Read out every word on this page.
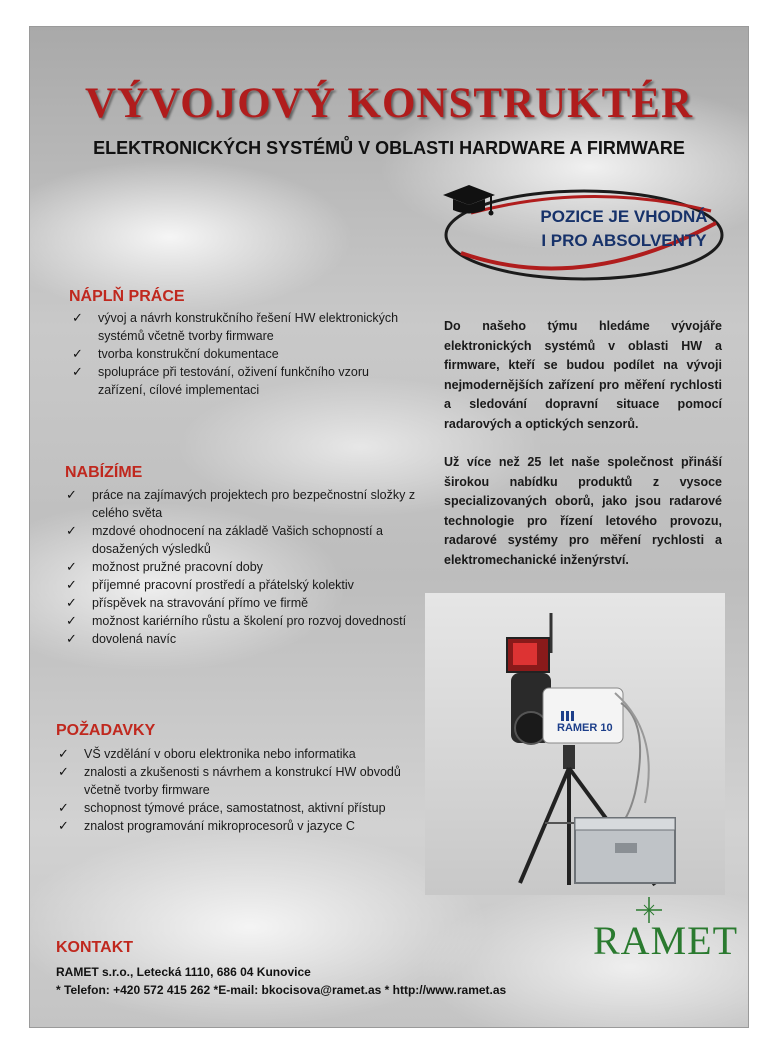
VÝVOJOVÝ KONSTRUKTÉR
ELEKTRONICKÝCH SYSTÉMŮ V OBLASTI HARDWARE A FIRMWARE
POZICE JE VHODNÁ
I PRO ABSOLVENTY
NÁPLŇ PRÁCE
✓ vývoj a návrh konstrukčního řešení HW elektronických systémů včetně tvorby firmware
✓ tvorba konstrukční dokumentace
✓ spolupráce při testování, oživení funkčního vzoru zařízení, cílové implementaci
NABÍZÍME
✓ práce na zajímavých projektech pro bezpečnostní složky z celého světa
✓ mzdové ohodnocení na základě Vašich schopností a dosažených výsledků
✓ možnost pružné pracovní doby
✓ příjemné pracovní prostředí a přátelský kolektiv
✓ příspěvek na stravování přímo ve firmě
✓ možnost kariérního růstu a školení pro rozvoj dovedností
✓ dovolená navíc
POŽADAVKY
✓ VŠ vzdělání v oboru elektronika nebo informatika
✓ znalosti a zkušenosti s návrhem a konstrukcí HW obvodů včetně tvorby firmware
✓ schopnost týmové práce, samostatnost, aktivní přístup
✓ znalost programování mikroprocesorů v jazyce C

Do našeho týmu hledáme vývojáře elektronických systémů v oblasti HW a firmware, kteří se budou podílet na vývoji nejmodernějších zařízení pro měření rychlosti a sledování dopravní situace pomocí radarových a optických senzorů.

Už více než 25 let naše společnost přináší širokou nabídku produktů z vysoce specializovaných oborů, jako jsou radarové technologie pro řízení letového provozu, radarové systémy pro měření rychlosti a elektromechanické inženýrství.

RAMER 10
KONTAKT
RAMET s.r.o., Letecká 1110, 686 04 Kunovice
* Telefon: +420 572 415 262 *E-mail: bkocisova@ramet.as * http://www.ramet.as
RAMET
